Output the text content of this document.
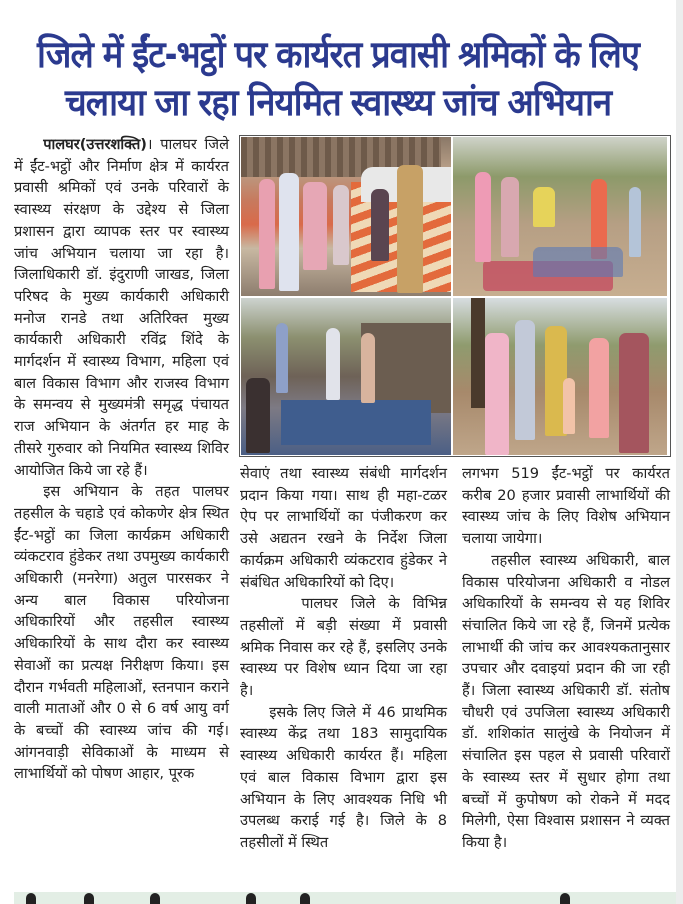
जिले में ईंट-भट्ठों पर कार्यरत प्रवासी श्रमिकों के लिए
चलाया जा रहा नियमित स्वास्थ्य जांच अभियान

पालघर(उत्तरशक्ति)। पालघर जिले में ईंट-भट्ठों और निर्माण क्षेत्र में कार्यरत प्रवासी श्रमिकों एवं उनके परिवारों के स्वास्थ्य संरक्षण के उद्देश्य से जिला प्रशासन द्वारा व्यापक स्तर पर स्वास्थ्य जांच अभियान चलाया जा रहा है। जिलाधिकारी डॉ. इंदुराणी जाखड, जिला परिषद के मुख्य कार्यकारी अधिकारी मनोज रानडे तथा अतिरिक्त मुख्य कार्यकारी अधिकारी रविंद्र शिंदे के मार्गदर्शन में स्वास्थ्य विभाग, महिला एवं बाल विकास विभाग और राजस्व विभाग के समन्वय से मुख्यमंत्री समृद्ध पंचायत राज अभियान के अंतर्गत हर माह के तीसरे गुरुवार को नियमित स्वास्थ्य शिविर आयोजित किये जा रहे हैं।

इस अभियान के तहत पालघर तहसील के चहाडे एवं कोकणेर क्षेत्र स्थित ईंट-भट्ठों का जिला कार्यक्रम अधिकारी व्यंकटराव हुंडेकर तथा उपमुख्य कार्यकारी अधिकारी (मनरेगा) अतुल पारसकर ने अन्य बाल विकास परियोजना अधिकारियों और तहसील स्वास्थ्य अधिकारियों के साथ दौरा कर स्वास्थ्य सेवाओं का प्रत्यक्ष निरीक्षण किया। इस दौरान गर्भवती महिलाओं, स्तनपान कराने वाली माताओं और 0 से 6 वर्ष आयु वर्ग के बच्चों की स्वास्थ्य जांच की गई। आंगनवाड़ी सेविकाओं के माध्यम से लाभार्थियों को पोषण आहार, पूरक

सेवाएं तथा स्वास्थ्य संबंधी मार्गदर्शन प्रदान किया गया। साथ ही महा-टळर ऐप पर लाभार्थियों का पंजीकरण कर उसे अद्यतन रखने के निर्देश जिला कार्यक्रम अधिकारी व्यंकटराव हुंडेकर ने संबंधित अधिकारियों को दिए।

पालघर जिले के विभिन्न तहसीलों में बड़ी संख्या में प्रवासी श्रमिक निवास कर रहे हैं, इसलिए उनके स्वास्थ्य पर विशेष ध्यान दिया जा रहा है।

इसके लिए जिले में 46 प्राथमिक स्वास्थ्य केंद्र तथा 183 सामुदायिक स्वास्थ्य अधिकारी कार्यरत हैं। महिला एवं बाल विकास विभाग द्वारा इस अभियान के लिए आवश्यक निधि भी उपलब्ध कराई गई है। जिले के 8 तहसीलों में स्थित

लगभग 519 ईंट-भट्ठों पर कार्यरत करीब 20 हजार प्रवासी लाभार्थियों की स्वास्थ्य जांच के लिए विशेष अभियान चलाया जायेगा।

तहसील स्वास्थ्य अधिकारी, बाल विकास परियोजना अधिकारी व नोडल अधिकारियों के समन्वय से यह शिविर संचालित किये जा रहे हैं, जिनमें प्रत्येक लाभार्थी की जांच कर आवश्यकतानुसार उपचार और दवाइयां प्रदान की जा रही हैं। जिला स्वास्थ्य अधिकारी डॉ. संतोष चौधरी एवं उपजिला स्वास्थ्य अधिकारी डॉ. शशिकांत सालुंखे के नियोजन में संचालित इस पहल से प्रवासी परिवारों के स्वास्थ्य स्तर में सुधार होगा तथा बच्चों में कुपोषण को रोकने में मदद मिलेगी, ऐसा विश्वास प्रशासन ने व्यक्त किया है।
